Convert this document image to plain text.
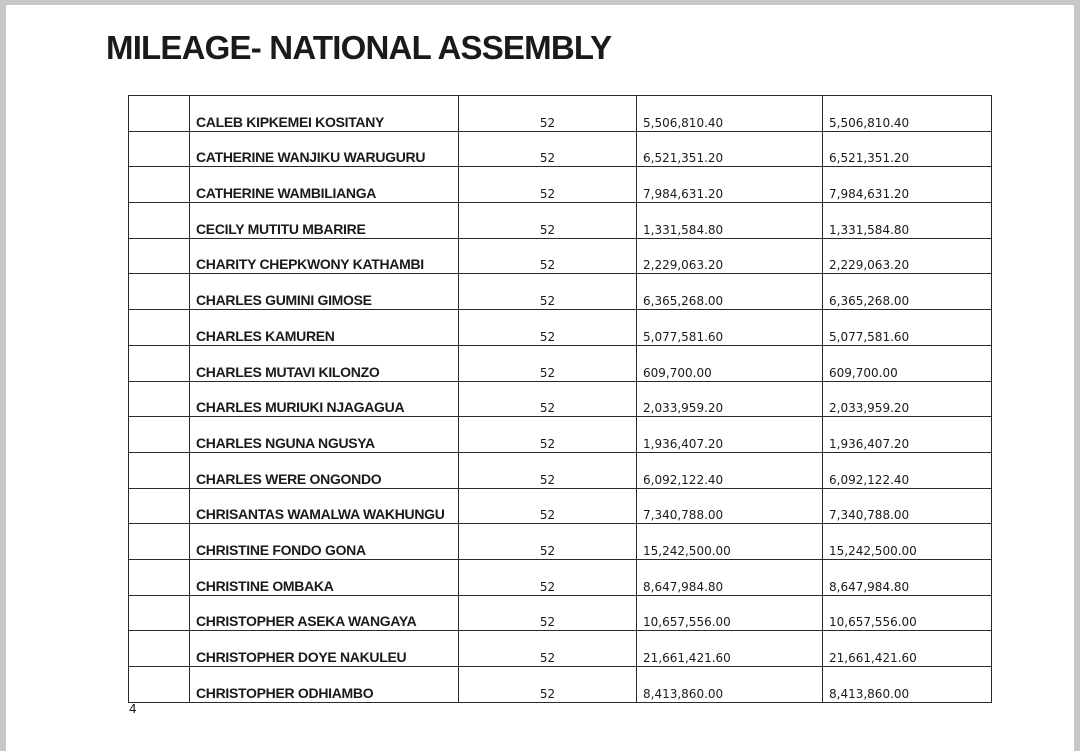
MILEAGE- NATIONAL ASSEMBLY
	CALEB KIPKEMEI KOSITANY	52	5,506,810.40	5,506,810.40
	CATHERINE WANJIKU WARUGURU	52	6,521,351.20	6,521,351.20
	CATHERINE WAMBILIANGA	52	7,984,631.20	7,984,631.20
	CECILY MUTITU MBARIRE	52	1,331,584.80	1,331,584.80
	CHARITY CHEPKWONY KATHAMBI	52	2,229,063.20	2,229,063.20
	CHARLES GUMINI GIMOSE	52	6,365,268.00	6,365,268.00
	CHARLES KAMUREN	52	5,077,581.60	5,077,581.60
	CHARLES MUTAVI KILONZO	52	609,700.00	609,700.00
	CHARLES MURIUKI NJAGAGUA	52	2,033,959.20	2,033,959.20
	CHARLES NGUNA NGUSYA	52	1,936,407.20	1,936,407.20
	CHARLES WERE ONGONDO	52	6,092,122.40	6,092,122.40
	CHRISANTAS WAMALWA WAKHUNGU	52	7,340,788.00	7,340,788.00
	CHRISTINE FONDO GONA	52	15,242,500.00	15,242,500.00
	CHRISTINE OMBAKA	52	8,647,984.80	8,647,984.80
	CHRISTOPHER ASEKA WANGAYA	52	10,657,556.00	10,657,556.00
	CHRISTOPHER DOYE NAKULEU	52	21,661,421.60	21,661,421.60
	CHRISTOPHER ODHIAMBO	52	8,413,860.00	8,413,860.00
4
